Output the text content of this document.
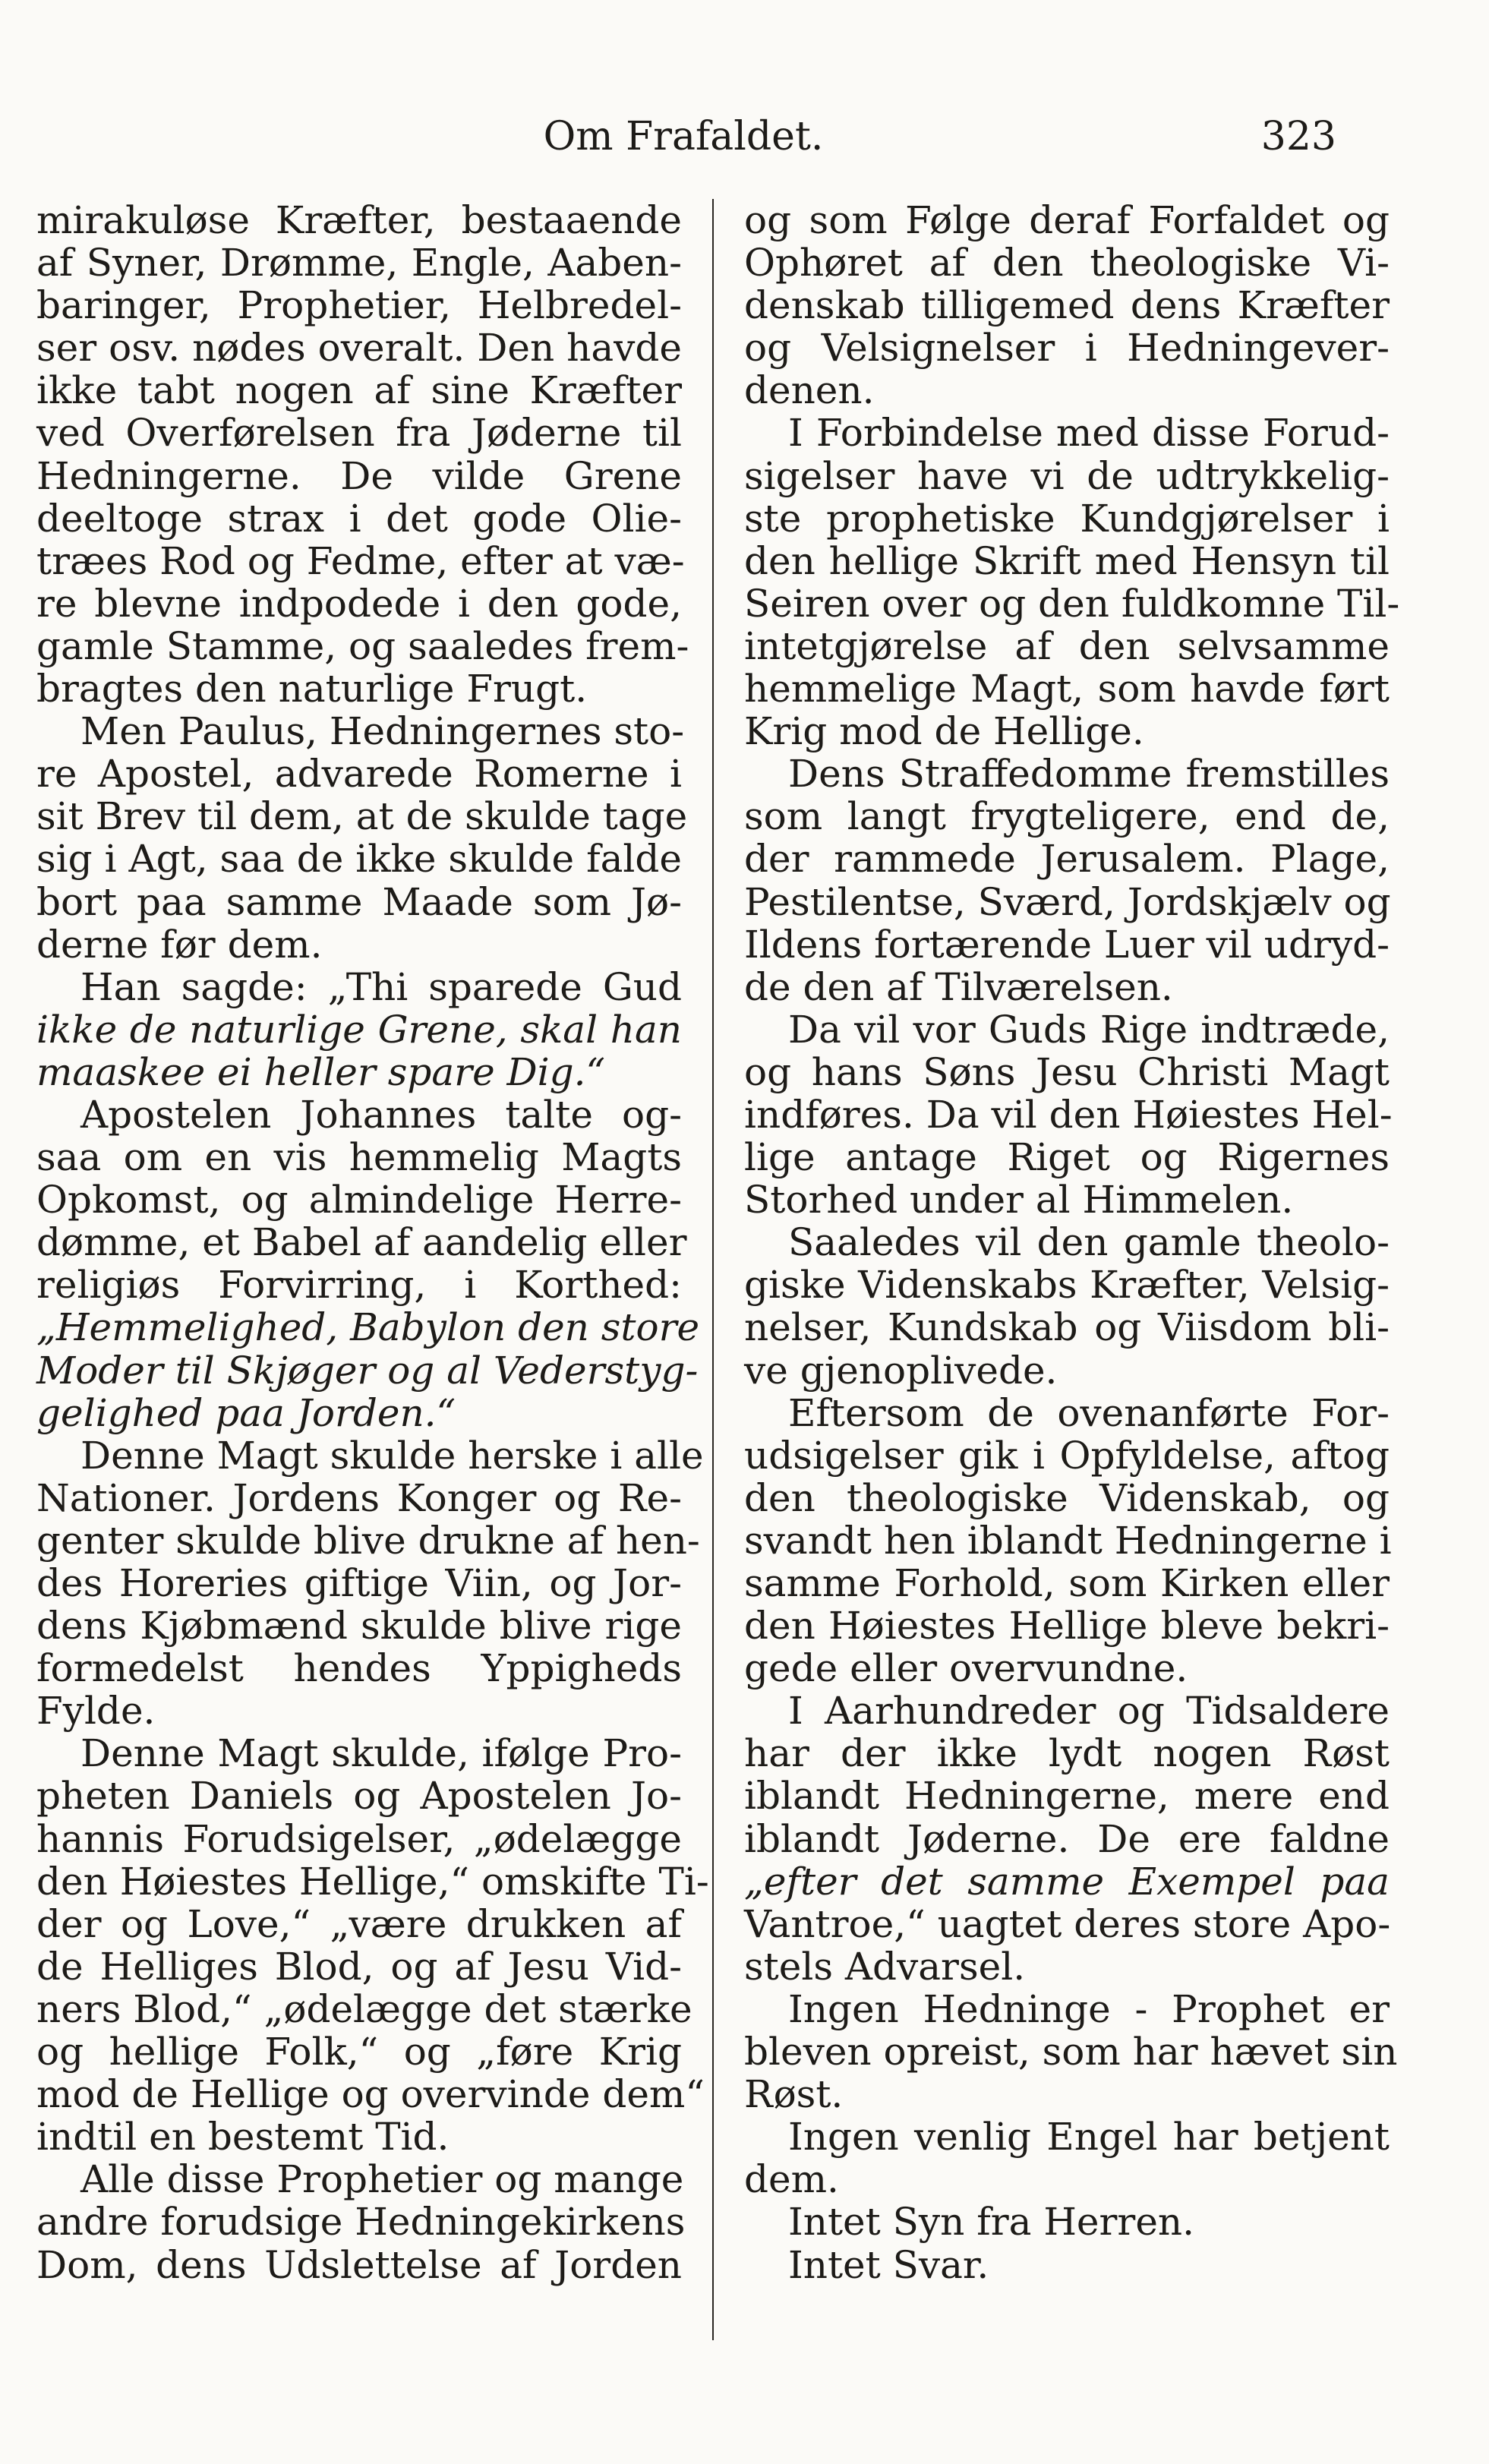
Om Frafaldet.	323
mirakuløse Kræfter, bestaaende
af Syner, Drømme, Engle, Aaben-
baringer, Prophetier, Helbredel-
ser osv. nødes overalt. Den havde
ikke tabt nogen af sine Kræfter
ved Overførelsen fra Jøderne til
Hedningerne. De vilde Grene
deeltoge strax i det gode Olie-
træes Rod og Fedme, efter at væ-
re blevne indpodede i den gode,
gamle Stamme, og saaledes frem-
bragtes den naturlige Frugt.
Men Paulus, Hedningernes sto-
re Apostel, advarede Romerne i
sit Brev til dem, at de skulde tage
sig i Agt, saa de ikke skulde falde
bort paa samme Maade som Jø-
derne før dem.
Han sagde: „Thi sparede Gud
ikke de naturlige Grene, skal han
maaskee ei heller spare Dig.“
Apostelen Johannes talte og-
saa om en vis hemmelig Magts
Opkomst, og almindelige Herre-
dømme, et Babel af aandelig eller
religiøs Forvirring, i Korthed:
„Hemmelighed, Babylon den store
Moder til Skjøger og al Vederstyg-
gelighed paa Jorden.“
Denne Magt skulde herske i alle
Nationer. Jordens Konger og Re-
genter skulde blive drukne af hen-
des Horeries giftige Viin, og Jor-
dens Kjøbmænd skulde blive rige
formedelst hendes Yppigheds
Fylde.
Denne Magt skulde, ifølge Pro-
pheten Daniels og Apostelen Jo-
hannis Forudsigelser, „ødelægge
den Høiestes Hellige,“ omskifte Ti-
der og Love,“ „være drukken af
de Helliges Blod, og af Jesu Vid-
ners Blod,“ „ødelægge det stærke
og hellige Folk,“ og „føre Krig
mod de Hellige og overvinde dem“
indtil en bestemt Tid.
Alle disse Prophetier og mange
andre forudsige Hedningekirkens
Dom, dens Udslettelse af Jorden
og som Følge deraf Forfaldet og
Ophøret af den theologiske Vi-
denskab tilligemed dens Kræfter
og Velsignelser i Hedningever-
denen.
I Forbindelse med disse Forud-
sigelser have vi de udtrykkelig-
ste prophetiske Kundgjørelser i
den hellige Skrift med Hensyn til
Seiren over og den fuldkomne Til-
intetgjørelse af den selvsamme
hemmelige Magt, som havde ført
Krig mod de Hellige.
Dens Straffedomme fremstilles
som langt frygteligere, end de,
der rammede Jerusalem. Plage,
Pestilentse, Sværd, Jordskjælv og
Ildens fortærende Luer vil udryd-
de den af Tilværelsen.
Da vil vor Guds Rige indtræde,
og hans Søns Jesu Christi Magt
indføres. Da vil den Høiestes Hel-
lige antage Riget og Rigernes
Storhed under al Himmelen.
Saaledes vil den gamle theolo-
giske Videnskabs Kræfter, Velsig-
nelser, Kundskab og Viisdom bli-
ve gjenoplivede.
Eftersom de ovenanførte For-
udsigelser gik i Opfyldelse, aftog
den theologiske Videnskab, og
svandt hen iblandt Hedningerne i
samme Forhold, som Kirken eller
den Høiestes Hellige bleve bekri-
gede eller overvundne.
I Aarhundreder og Tidsaldere
har der ikke lydt nogen Røst
iblandt Hedningerne, mere end
iblandt Jøderne. De ere faldne
„efter det samme Exempel paa
Vantroe,“ uagtet deres store Apo-
stels Advarsel.
Ingen Hedninge - Prophet er
bleven opreist, som har hævet sin
Røst.
Ingen venlig Engel har betjent
dem.
Intet Syn fra Herren.
Intet Svar.
